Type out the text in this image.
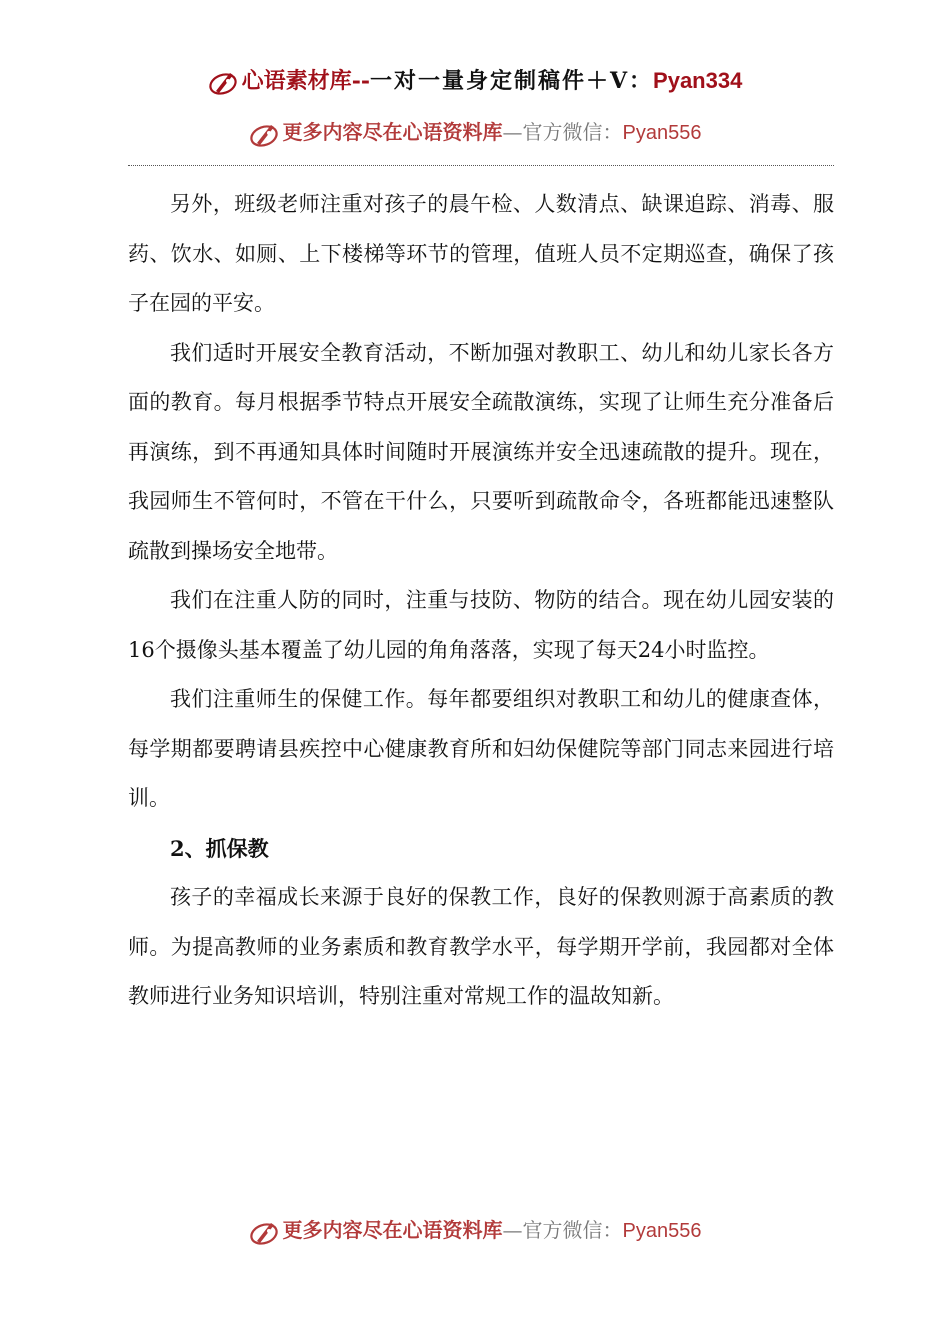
心语素材库--一对一量身定制稿件＋V：Pyan334
更多内容尽在心语资料库—官方微信：Pyan556

另外，班级老师注重对孩子的晨午检、人数清点、缺课追踪、消毒、服药、饮水、如厕、上下楼梯等环节的管理，值班人员不定期巡查，确保了孩子在园的平安。

我们适时开展安全教育活动，不断加强对教职工、幼儿和幼儿家长各方面的教育。每月根据季节特点开展安全疏散演练，实现了让师生充分准备后再演练，到不再通知具体时间随时开展演练并安全迅速疏散的提升。现在，我园师生不管何时，不管在干什么，只要听到疏散命令，各班都能迅速整队疏散到操场安全地带。

我们在注重人防的同时，注重与技防、物防的结合。现在幼儿园安装的16个摄像头基本覆盖了幼儿园的角角落落，实现了每天24小时监控。

我们注重师生的保健工作。每年都要组织对教职工和幼儿的健康查体，每学期都要聘请县疾控中心健康教育所和妇幼保健院等部门同志来园进行培训。

2、抓保教

孩子的幸福成长来源于良好的保教工作，良好的保教则源于高素质的教师。为提高教师的业务素质和教育教学水平，每学期开学前，我园都对全体教师进行业务知识培训，特别注重对常规工作的温故知新。

更多内容尽在心语资料库—官方微信：Pyan556
